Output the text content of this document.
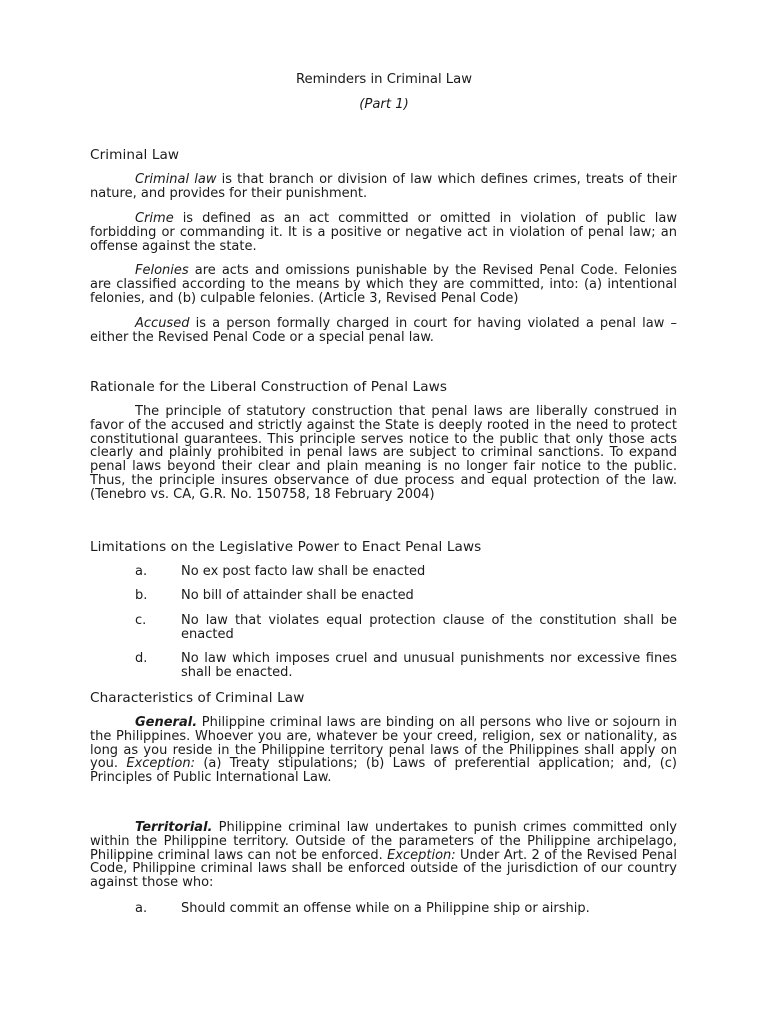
Reminders in Criminal Law
(Part 1)
Criminal Law

Criminal law is that branch or division of law which defines crimes, treats of their nature, and provides for their punishment.

Crime is defined as an act committed or omitted in violation of public law forbidding or commanding it. It is a positive or negative act in violation of penal law; an offense against the state.

Felonies are acts and omissions punishable by the Revised Penal Code. Felonies are classified according to the means by which they are committed, into: (a) intentional felonies, and (b) culpable felonies. (Article 3, Revised Penal Code)

Accused is a person formally charged in court for having violated a penal law – either the Revised Penal Code or a special penal law.

Rationale for the Liberal Construction of Penal Laws

The principle of statutory construction that penal laws are liberally construed in favor of the accused and strictly against the State is deeply rooted in the need to protect constitutional guarantees. This principle serves notice to the public that only those acts clearly and plainly prohibited in penal laws are subject to criminal sanctions. To expand penal laws beyond their clear and plain meaning is no longer fair notice to the public. Thus, the principle insures observance of due process and equal protection of the law. (Tenebro vs. CA, G.R. No. 150758, 18 February 2004)

Limitations on the Legislative Power to Enact Penal Laws
a.	No ex post facto law shall be enacted
b.	No bill of attainder shall be enacted
c.	No law that violates equal protection clause of the constitution shall be enacted
d.	No law which imposes cruel and unusual punishments nor excessive fines shall be enacted.
Characteristics of Criminal Law

General. Philippine criminal laws are binding on all persons who live or sojourn in the Philippines. Whoever you are, whatever be your creed, religion, sex or nationality, as long as you reside in the Philippine territory penal laws of the Philippines shall apply on you. Exception: (a) Treaty stipulations; (b) Laws of preferential application; and, (c) Principles of Public International Law.

Territorial. Philippine criminal law undertakes to punish crimes committed only within the Philippine territory. Outside of the parameters of the Philippine archipelago, Philippine criminal laws can not be enforced. Exception: Under Art. 2 of the Revised Penal Code, Philippine criminal laws shall be enforced outside of the jurisdiction of our country against those who:

a.	Should commit an offense while on a Philippine ship or airship.
